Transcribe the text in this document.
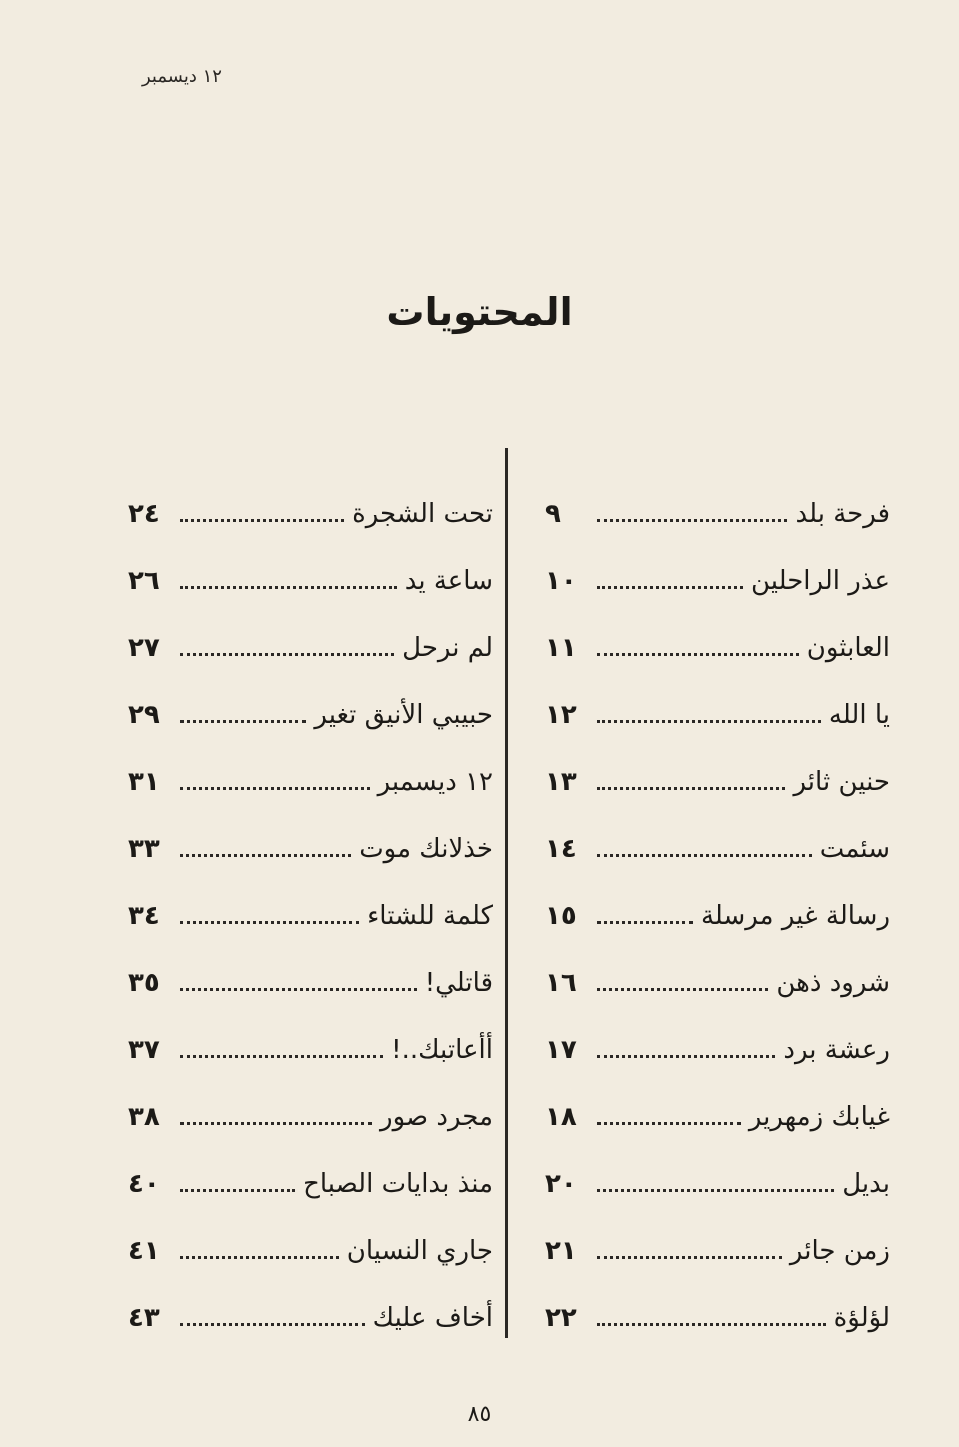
١٢ ديسمبر
المحتويات
فرحة بلد
٩
عذر الراحلين
١٠
العابثون
١١
يا الله
١٢
حنين ثائر
١٣
سئمت
١٤
رسالة غير مرسلة
١٥
شرود ذهن
١٦
رعشة برد
١٧
غيابك زمهرير
١٨
بديل
٢٠
زمن جائر
٢١
لؤلؤة
٢٢
تحت الشجرة
٢٤
ساعة يد
٢٦
لم نرحل
٢٧
حبيبي الأنيق تغير
٢٩
١٢ ديسمبر
٣١
خذلانك موت
٣٣
كلمة للشتاء
٣٤
قاتلي!
٣٥
أأعاتبك..!
٣٧
مجرد صور
٣٨
منذ بدايات الصباح
٤٠
جاري النسيان
٤١
أخاف عليك
٤٣
٨٥
